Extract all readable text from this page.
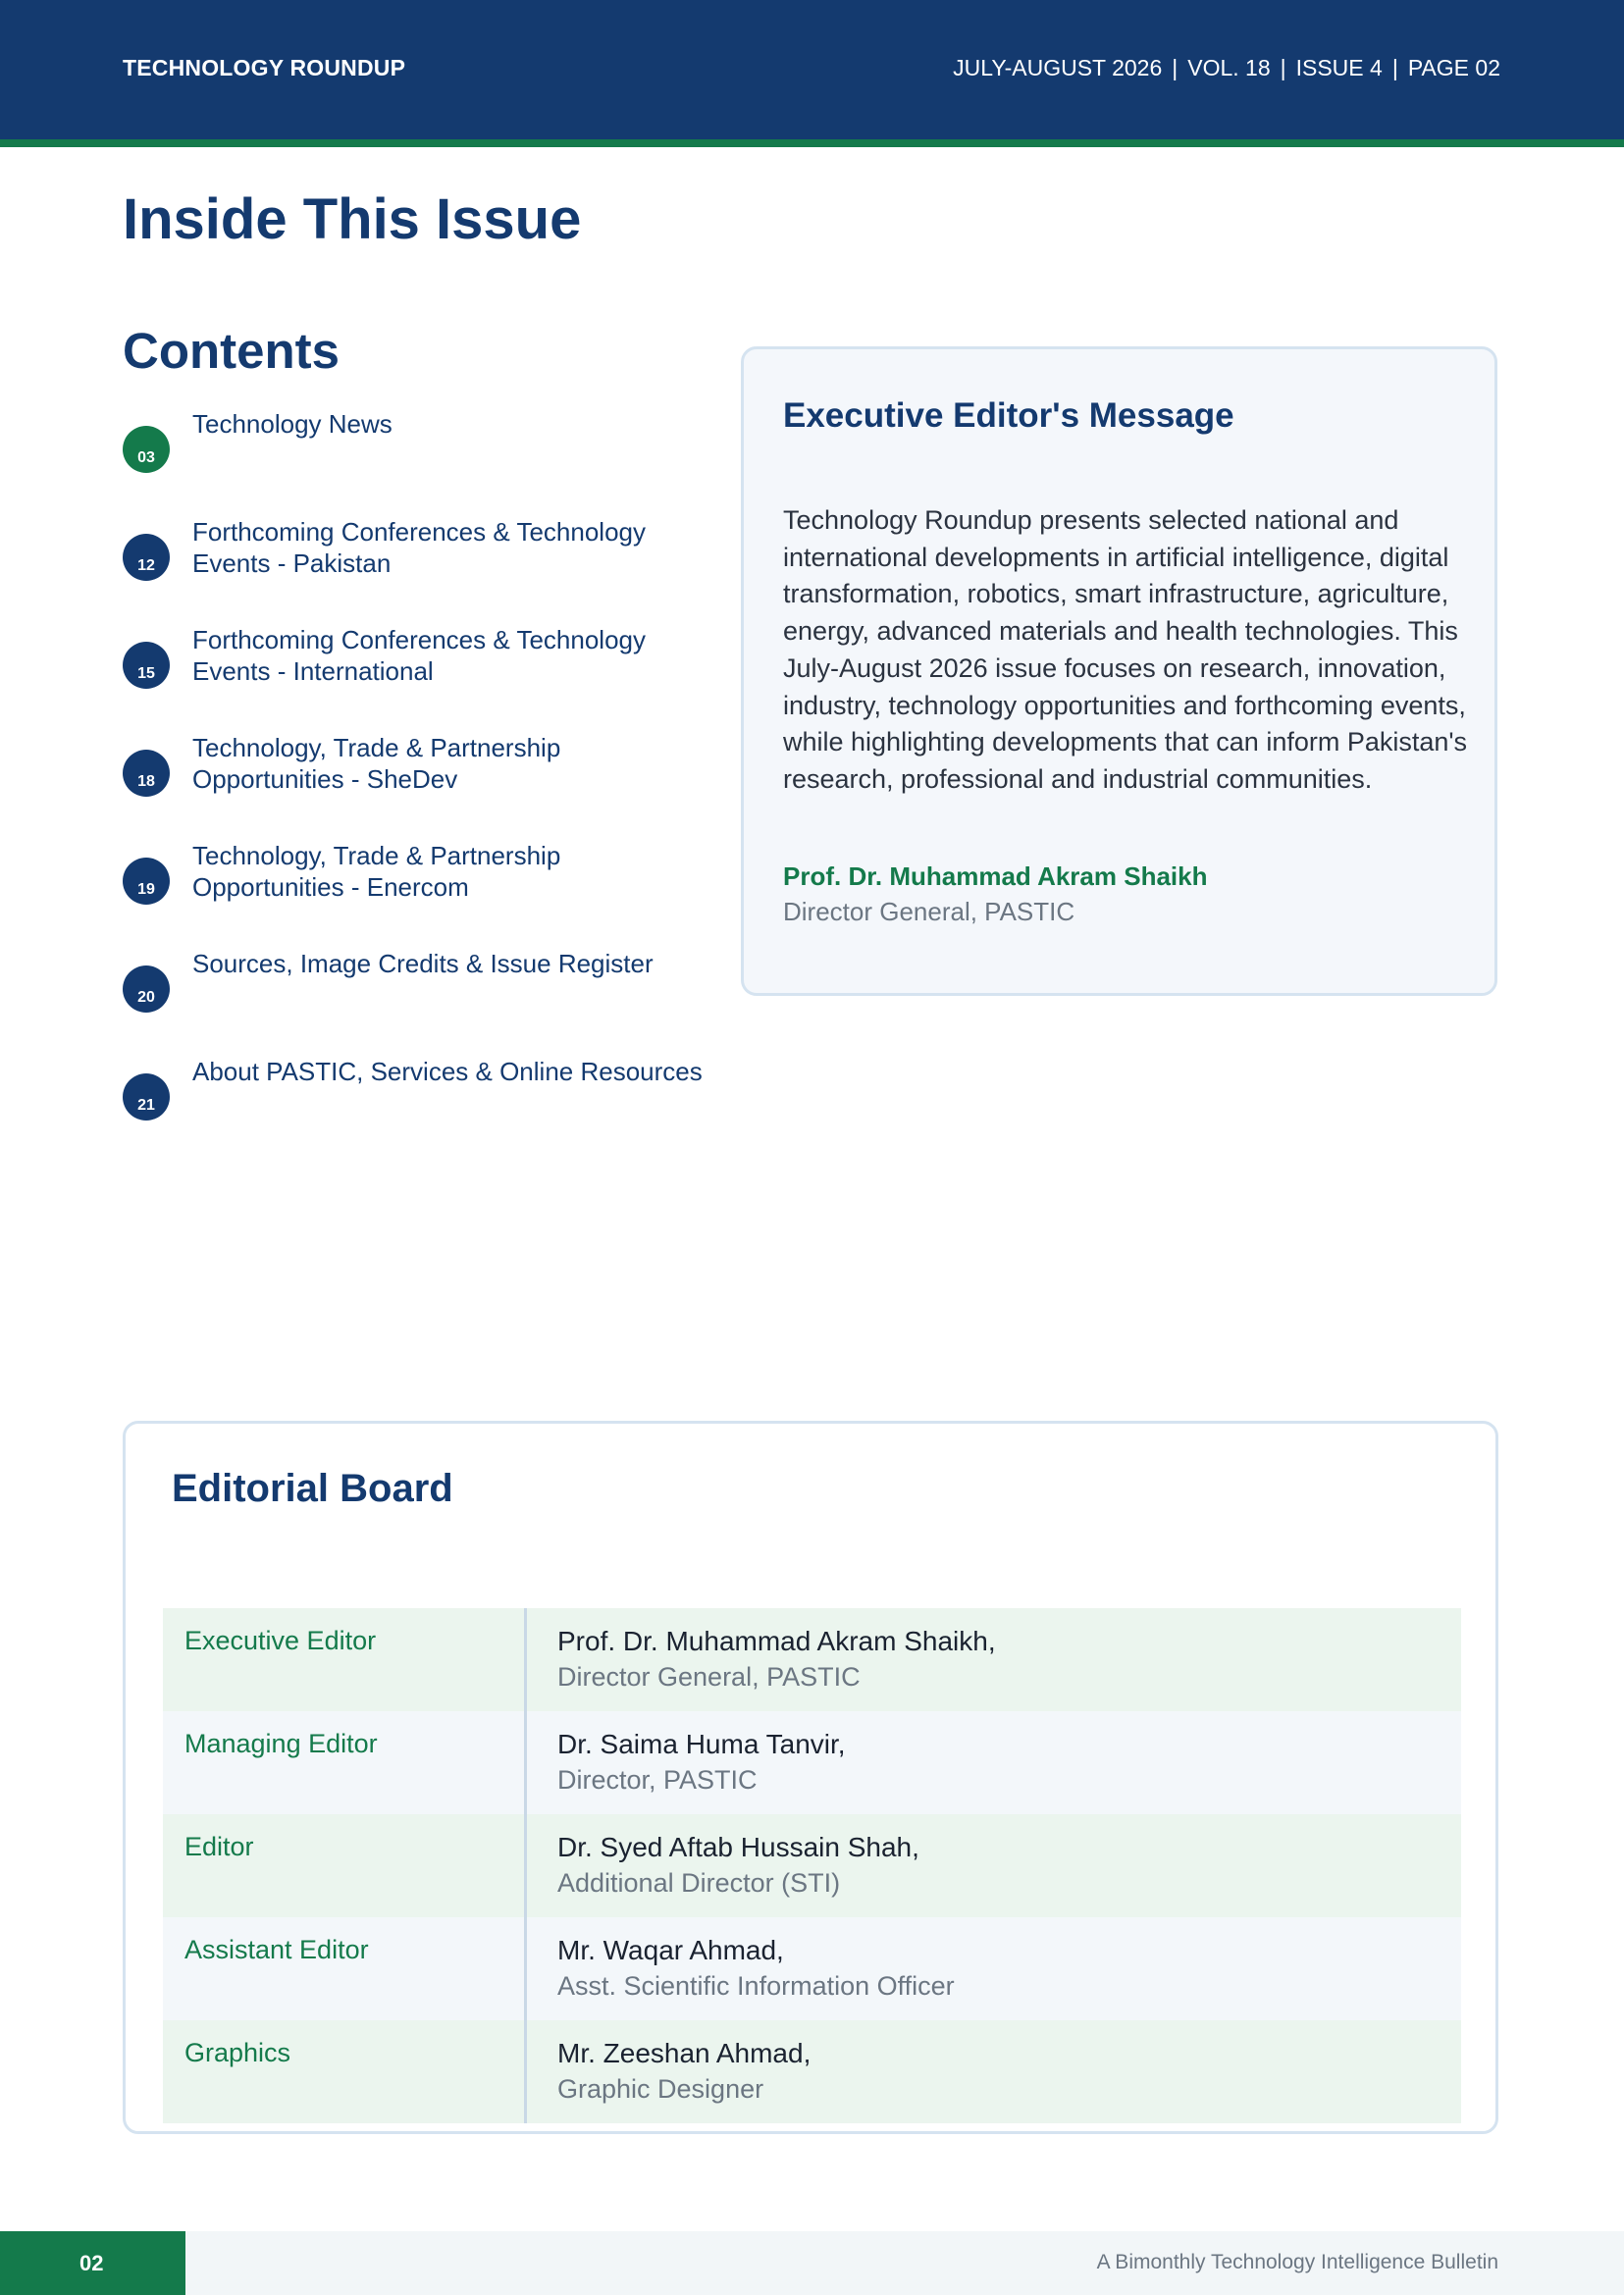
TECHNOLOGY ROUNDUP	JULY-AUGUST 2026 | VOL. 18 | ISSUE 4 | PAGE 02
Inside This Issue
Contents
03
Technology News
12
Forthcoming Conferences & Technology Events - Pakistan
15
Forthcoming Conferences & Technology Events - International
18
Technology, Trade & Partnership Opportunities - SheDev
19
Technology, Trade & Partnership Opportunities - Enercom
20
Sources, Image Credits & Issue Register
21
About PASTIC, Services & Online Resources
Executive Editor's Message

Technology Roundup presents selected national and international developments in artificial intelligence, digital transformation, robotics, smart infrastructure, agriculture, energy, advanced materials and health technologies. This July-August 2026 issue focuses on research, innovation, industry, technology opportunities and forthcoming events, while highlighting developments that can inform Pakistan's research, professional and industrial communities.

Prof. Dr. Muhammad Akram Shaikh
Director General, PASTIC
Editorial Board
Executive Editor	Prof. Dr. Muhammad Akram Shaikh,
Director General, PASTIC
Managing Editor	Dr. Saima Huma Tanvir,
Director, PASTIC
Editor	Dr. Syed Aftab Hussain Shah,
Additional Director (STI)
Assistant Editor	Mr. Waqar Ahmad,
Asst. Scientific Information Officer
Graphics	Mr. Zeeshan Ahmad,
Graphic Designer
02	A Bimonthly Technology Intelligence Bulletin
